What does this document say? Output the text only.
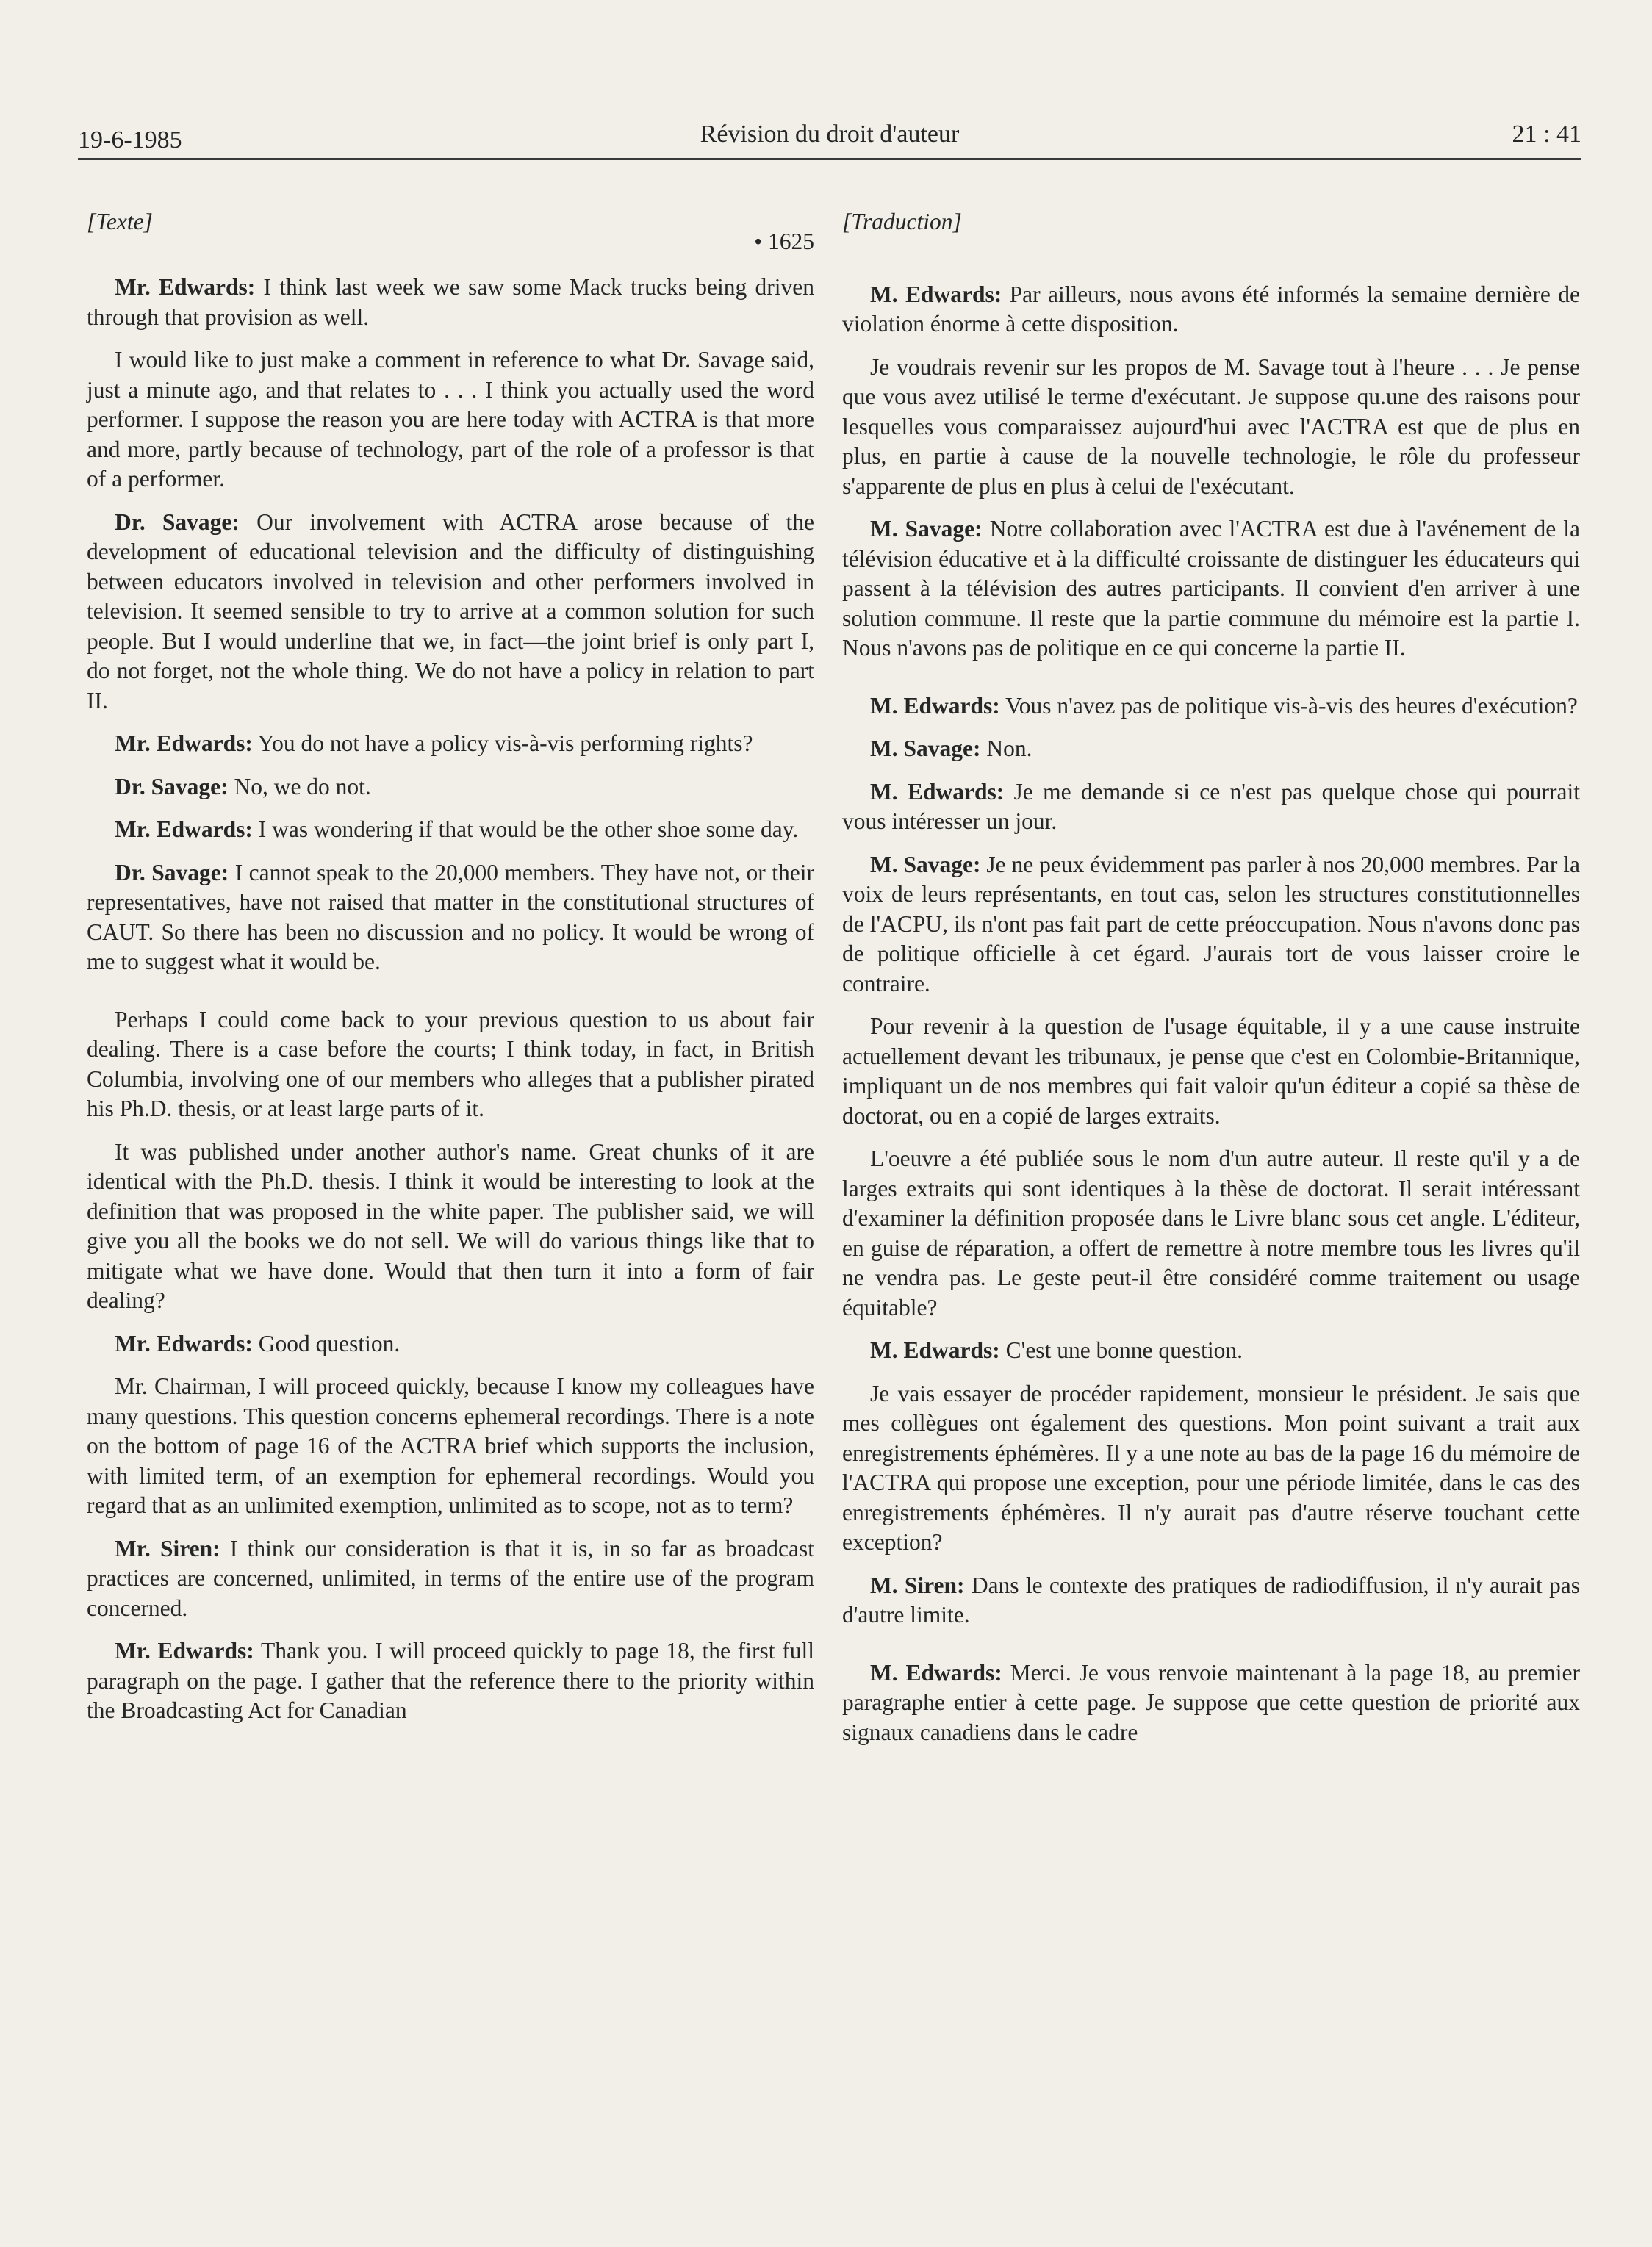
19-6-1985	Révision du droit d'auteur	21 : 41
[Texte]
• 1625

Mr. Edwards: I think last week we saw some Mack trucks being driven through that provision as well.

I would like to just make a comment in reference to what Dr. Savage said, just a minute ago, and that relates to . . . I think you actually used the word performer. I suppose the reason you are here today with ACTRA is that more and more, partly because of technology, part of the role of a professor is that of a performer.

Dr. Savage: Our involvement with ACTRA arose because of the development of educational television and the difficulty of distinguishing between educators involved in television and other performers involved in television. It seemed sensible to try to arrive at a common solution for such people. But I would underline that we, in fact—the joint brief is only part I, do not forget, not the whole thing. We do not have a policy in relation to part II.

Mr. Edwards: You do not have a policy vis-à-vis performing rights?

Dr. Savage: No, we do not.

Mr. Edwards: I was wondering if that would be the other shoe some day.

Dr. Savage: I cannot speak to the 20,000 members. They have not, or their representatives, have not raised that matter in the constitutional structures of CAUT. So there has been no discussion and no policy. It would be wrong of me to suggest what it would be.

Perhaps I could come back to your previous question to us about fair dealing. There is a case before the courts; I think today, in fact, in British Columbia, involving one of our members who alleges that a publisher pirated his Ph.D. thesis, or at least large parts of it.

It was published under another author's name. Great chunks of it are identical with the Ph.D. thesis. I think it would be interesting to look at the definition that was proposed in the white paper. The publisher said, we will give you all the books we do not sell. We will do various things like that to mitigate what we have done. Would that then turn it into a form of fair dealing?

Mr. Edwards: Good question.

Mr. Chairman, I will proceed quickly, because I know my colleagues have many questions. This question concerns ephemeral recordings. There is a note on the bottom of page 16 of the ACTRA brief which supports the inclusion, with limited term, of an exemption for ephemeral recordings. Would you regard that as an unlimited exemption, unlimited as to scope, not as to term?

Mr. Siren: I think our consideration is that it is, in so far as broadcast practices are concerned, unlimited, in terms of the entire use of the program concerned.

Mr. Edwards: Thank you. I will proceed quickly to page 18, the first full paragraph on the page. I gather that the reference there to the priority within the Broadcasting Act for Canadian

[Traduction]

M. Edwards: Par ailleurs, nous avons été informés la semaine dernière de violation énorme à cette disposition.

Je voudrais revenir sur les propos de M. Savage tout à l'heure . . . Je pense que vous avez utilisé le terme d'exécutant. Je suppose qu.une des raisons pour lesquelles vous comparaissez aujourd'hui avec l'ACTRA est que de plus en plus, en partie à cause de la nouvelle technologie, le rôle du professeur s'apparente de plus en plus à celui de l'exécutant.

M. Savage: Notre collaboration avec l'ACTRA est due à l'avénement de la télévision éducative et à la difficulté croissante de distinguer les éducateurs qui passent à la télévision des autres participants. Il convient d'en arriver à une solution commune. Il reste que la partie commune du mémoire est la partie I. Nous n'avons pas de politique en ce qui concerne la partie II.

M. Edwards: Vous n'avez pas de politique vis-à-vis des heures d'exécution?

M. Savage: Non.

M. Edwards: Je me demande si ce n'est pas quelque chose qui pourrait vous intéresser un jour.

M. Savage: Je ne peux évidemment pas parler à nos 20,000 membres. Par la voix de leurs représentants, en tout cas, selon les structures constitutionnelles de l'ACPU, ils n'ont pas fait part de cette préoccupation. Nous n'avons donc pas de politique officielle à cet égard. J'aurais tort de vous laisser croire le contraire.

Pour revenir à la question de l'usage équitable, il y a une cause instruite actuellement devant les tribunaux, je pense que c'est en Colombie-Britannique, impliquant un de nos membres qui fait valoir qu'un éditeur a copié sa thèse de doctorat, ou en a copié de larges extraits.

L'oeuvre a été publiée sous le nom d'un autre auteur. Il reste qu'il y a de larges extraits qui sont identiques à la thèse de doctorat. Il serait intéressant d'examiner la définition proposée dans le Livre blanc sous cet angle. L'éditeur, en guise de réparation, a offert de remettre à notre membre tous les livres qu'il ne vendra pas. Le geste peut-il être considéré comme traitement ou usage équitable?

M. Edwards: C'est une bonne question.

Je vais essayer de procéder rapidement, monsieur le président. Je sais que mes collègues ont également des questions. Mon point suivant a trait aux enregistrements éphémères. Il y a une note au bas de la page 16 du mémoire de l'ACTRA qui propose une exception, pour une période limitée, dans le cas des enregistrements éphémères. Il n'y aurait pas d'autre réserve touchant cette exception?

M. Siren: Dans le contexte des pratiques de radiodiffusion, il n'y aurait pas d'autre limite.

M. Edwards: Merci. Je vous renvoie maintenant à la page 18, au premier paragraphe entier à cette page. Je suppose que cette question de priorité aux signaux canadiens dans le cadre
